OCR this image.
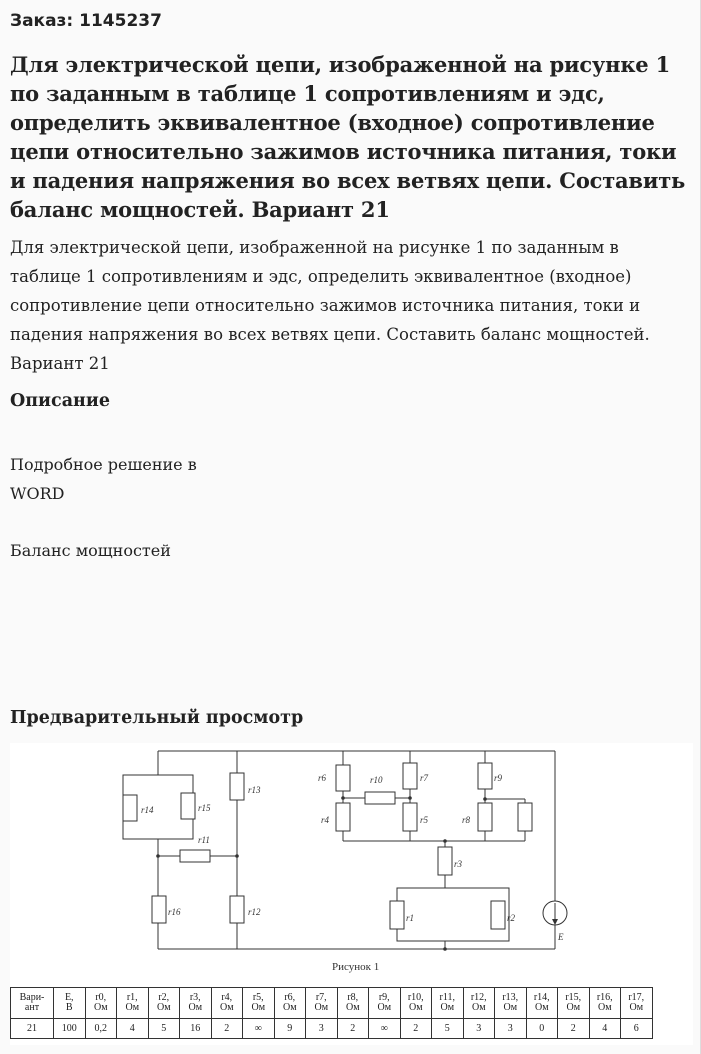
Заказ: 1145237
Для электрической цепи, изображенной на рисунке 1 по заданным в таблице 1 сопротивлениям и эдс, определить эквивалентное (входное) сопротивление цепи относительно зажимов источника питания, токи и падения напряжения во всех ветвях цепи. Составить баланс мощностей. Вариант 21

Для электрической цепи, изображенной на рисунке 1 по заданным в таблице 1 сопротивлениям и эдс, определить эквивалентное (входное) сопротивление цепи относительно зажимов источника питания, токи и падения напряжения во всех ветвях цепи. Составить баланс мощностей. Вариант 21

Описание
Подробное решение в
WORD
Баланс мощностей
Предварительный просмотр
r14	r15
r13
r12
r11
r16
r6	r10	r7	r9
r4	r5	r8
r3
r1	r2
E
Рисунок 1
Вари-	E,	r0,	r1,	r2,	r3,	r4,	r5,	r6,	r7,	r8,	r9,	r10,	r11,	r12,	r13,	r14,	r15,	r16,	r17,
ант	В	Ом	Ом	Ом	Ом	Ом	Ом	Ом	Ом	Ом	Ом	Ом	Ом	Ом	Ом	Ом	Ом	Ом	Ом
21	100	0,2	4	5	16	2	∞	9	3	2	∞	2	5	3	3	0	2	4	6
